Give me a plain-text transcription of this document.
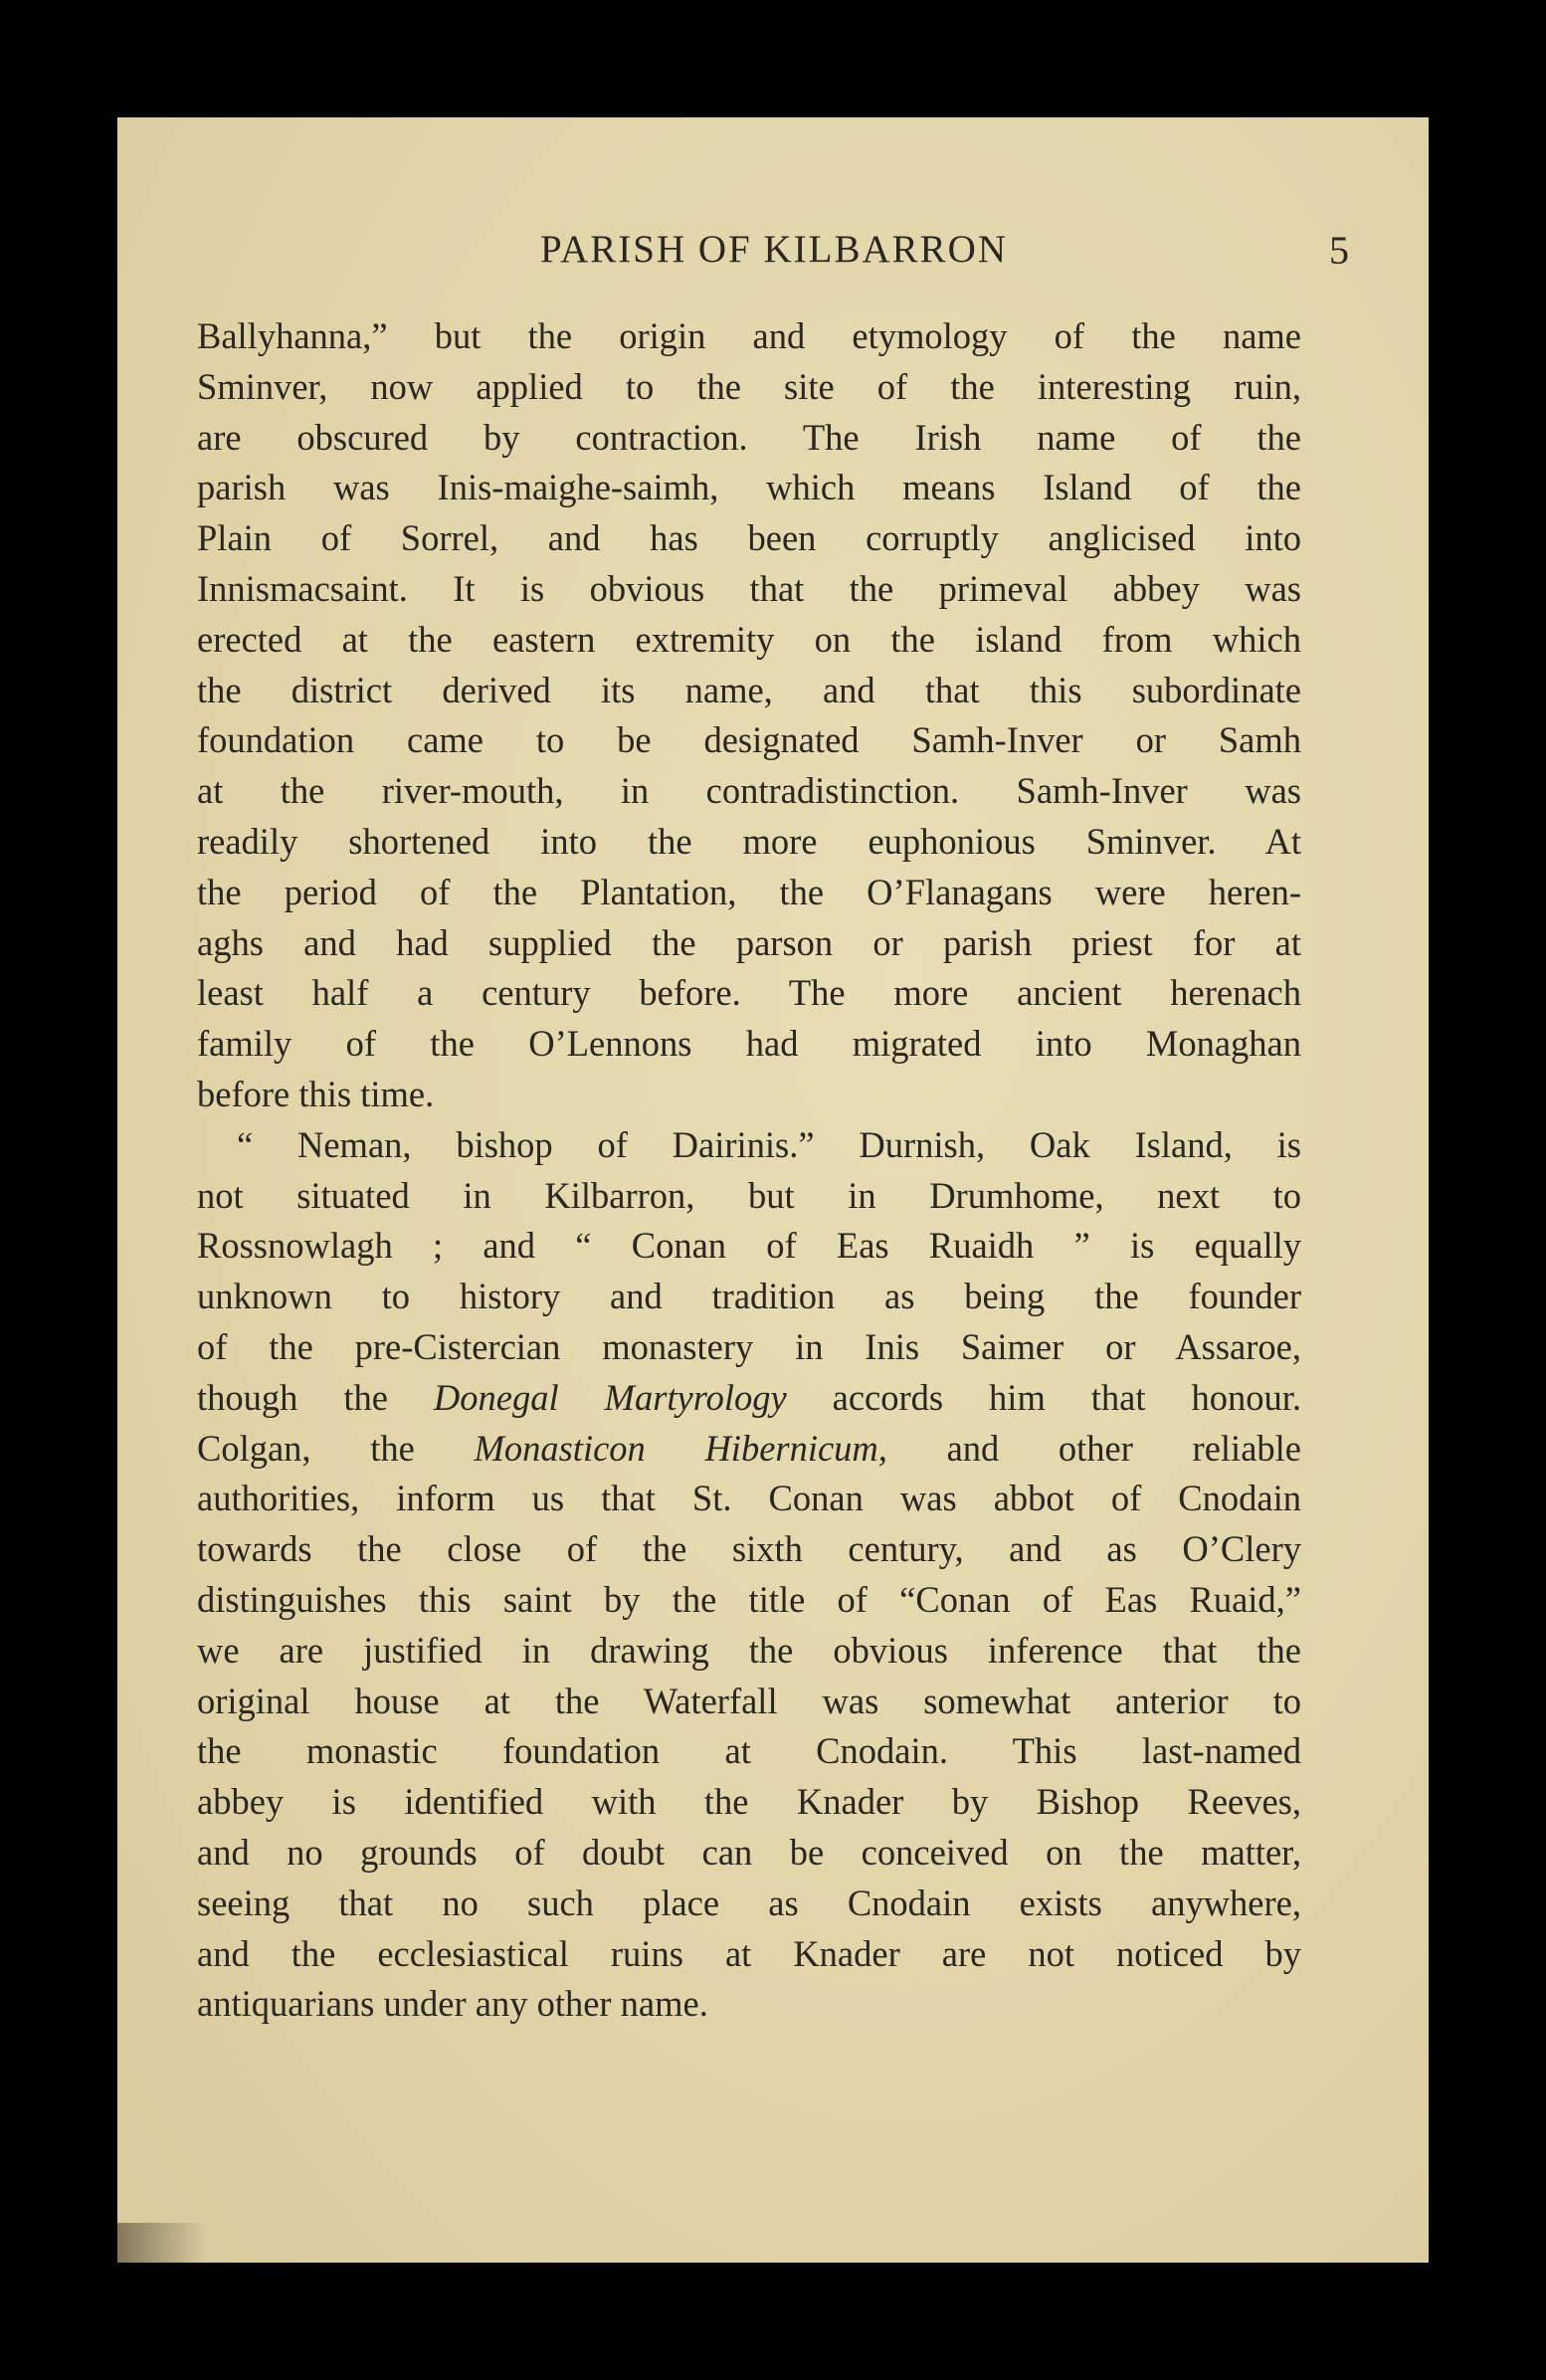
PARISH OF KILBARRON	5
Ballyhanna,” but the origin and etymology of the name
Sminver, now applied to the site of the interesting ruin,
are obscured by contraction. The Irish name of the
parish was Inis-maighe-saimh, which means Island of the
Plain of Sorrel, and has been corruptly anglicised into
Innismacsaint. It is obvious that the primeval abbey was
erected at the eastern extremity on the island from which
the district derived its name, and that this subordinate
foundation came to be designated Samh-Inver or Samh
at the river-mouth, in contradistinction. Samh-Inver was
readily shortened into the more euphonious Sminver. At
the period of the Plantation, the O’Flanagans were heren-
aghs and had supplied the parson or parish priest for at
least half a century before. The more ancient herenach
family of the O’Lennons had migrated into Monaghan
before this time.
“ Neman, bishop of Dairinis.” Durnish, Oak Island, is
not situated in Kilbarron, but in Drumhome, next to
Rossnowlagh ; and “ Conan of Eas Ruaidh ” is equally
unknown to history and tradition as being the founder
of the pre-Cistercian monastery in Inis Saimer or Assaroe,
though the Donegal Martyrology accords him that honour.
Colgan, the Monasticon Hibernicum, and other reliable
authorities, inform us that St. Conan was abbot of Cnodain
towards the close of the sixth century, and as O’Clery
distinguishes this saint by the title of “Conan of Eas Ruaid,”
we are justified in drawing the obvious inference that the
original house at the Waterfall was somewhat anterior to
the monastic foundation at Cnodain. This last-named
abbey is identified with the Knader by Bishop Reeves,
and no grounds of doubt can be conceived on the matter,
seeing that no such place as Cnodain exists anywhere,
and the ecclesiastical ruins at Knader are not noticed by
antiquarians under any other name.
